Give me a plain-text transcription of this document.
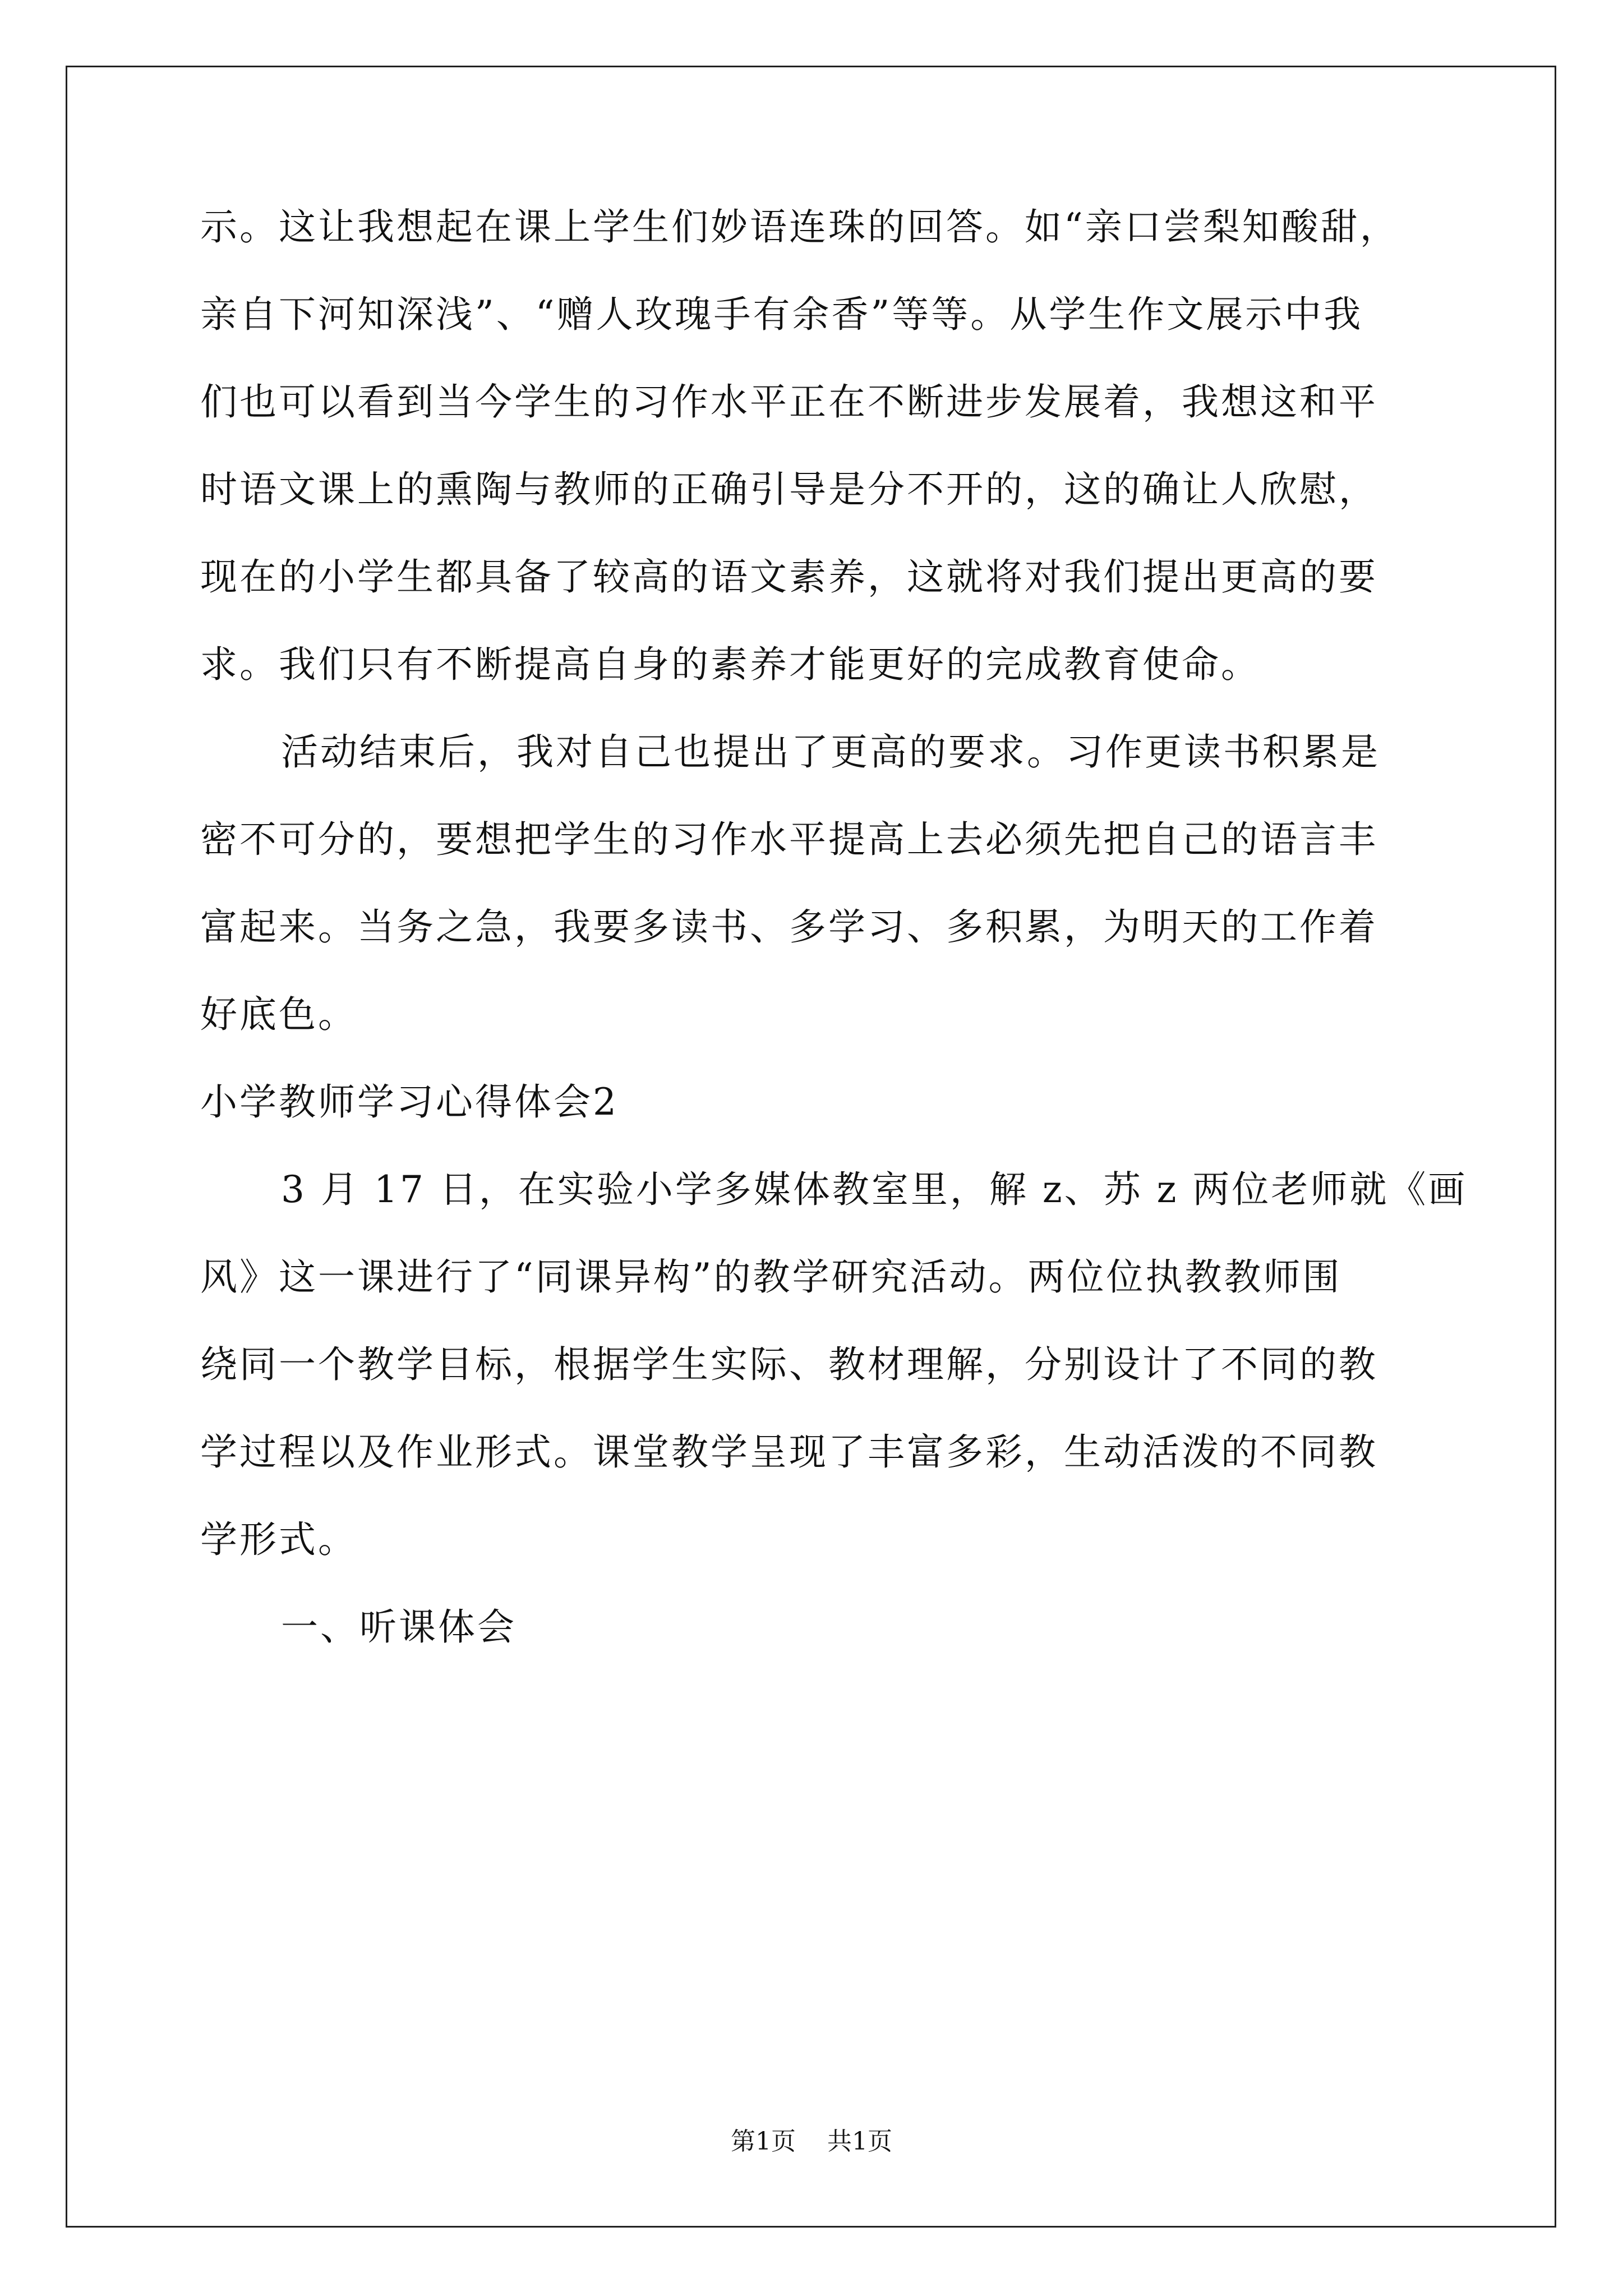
示。这让我想起在课上学生们妙语连珠的回答。如“亲口尝梨知酸甜，
亲自下河知深浅”、“赠人玫瑰手有余香”等等。从学生作文展示中我
们也可以看到当今学生的习作水平正在不断进步发展着，我想这和平
时语文课上的熏陶与教师的正确引导是分不开的，这的确让人欣慰，
现在的小学生都具备了较高的语文素养，这就将对我们提出更高的要
求。我们只有不断提高自身的素养才能更好的完成教育使命。
活动结束后，我对自己也提出了更高的要求。习作更读书积累是
密不可分的，要想把学生的习作水平提高上去必须先把自己的语言丰
富起来。当务之急，我要多读书、多学习、多积累，为明天的工作着
好底色。
小学教师学习心得体会2
3 月 17 日，在实验小学多媒体教室里，解 z、苏 z 两位老师就《画
风》这一课进行了“同课异构”的教学研究活动。两位位执教教师围
绕同一个教学目标，根据学生实际、教材理解，分别设计了不同的教
学过程以及作业形式。课堂教学呈现了丰富多彩，生动活泼的不同教
学形式。
一、听课体会
第1页 共1页
